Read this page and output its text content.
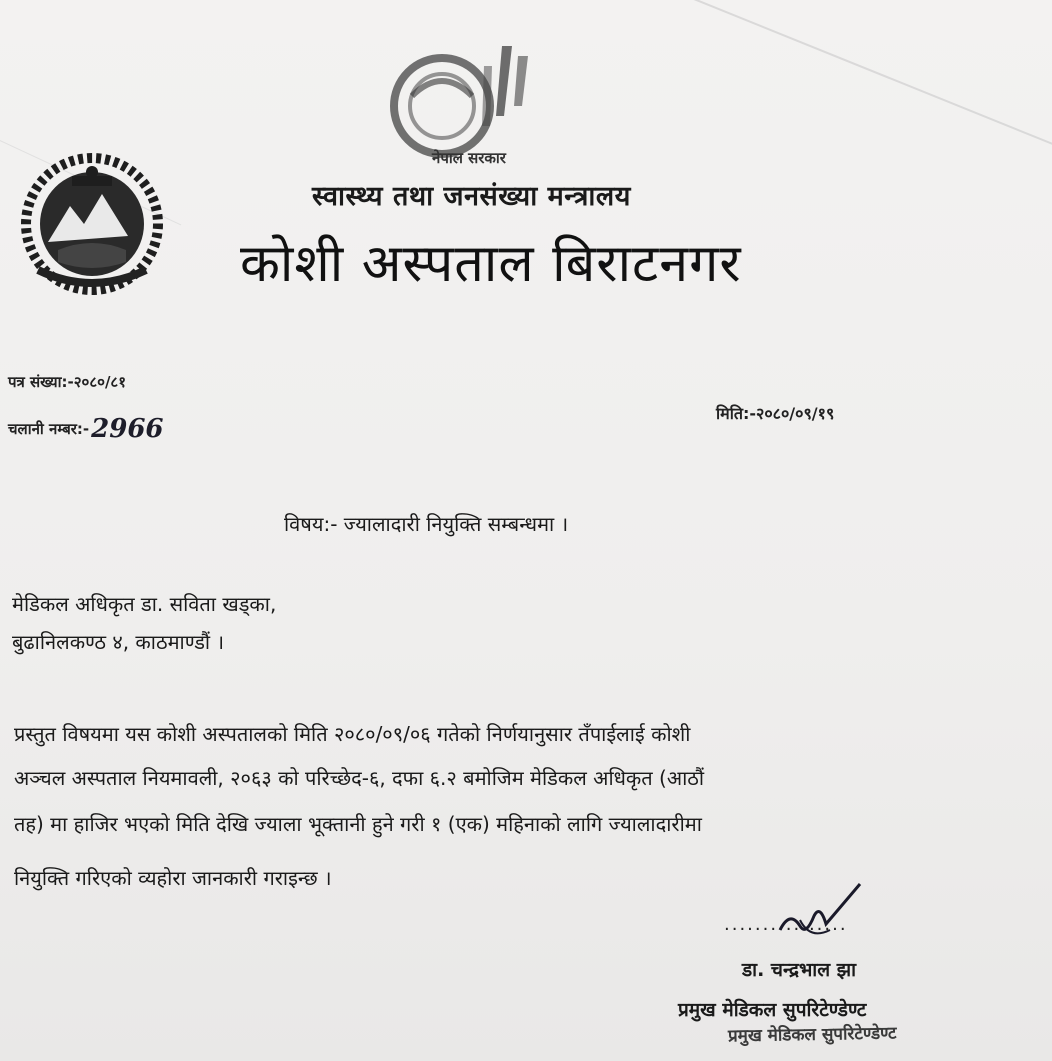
नेपाल सरकार
स्वास्थ्य तथा जनसंख्या मन्त्रालय
कोशी अस्पताल बिराटनगर
पत्र संख्या:-२०८०/८१
चलानी नम्बर:-2966
मिति:-२०८०/०९/१९
विषय:- ज्यालादारी नियुक्ति सम्बन्धमा ।
मेडिकल अधिकृत डा. सविता खड्का,
बुढानिलकण्ठ ४, काठमाण्डौं ।
प्रस्तुत विषयमा यस कोशी अस्पतालको मिति २०८०/०९/०६ गतेको निर्णयानुसार तँपाईलाई कोशी
अञ्चल अस्पताल नियमावली, २०६३ को परिच्छेद-६, दफा ६.२ बमोजिम मेडिकल अधिकृत (आठौं
तह) मा हाजिर भएको मिति देखि ज्याला भूक्तानी हुने गरी १ (एक) महिनाको लागि ज्यालादारीमा
नियुक्ति गरिएको व्यहोरा जानकारी गराइन्छ ।
................
डा. चन्द्रभाल झा
प्रमुख मेडिकल सुपरिटेण्डेण्ट
प्रमुख मेडिकल सुपरिटेण्डेण्ट
